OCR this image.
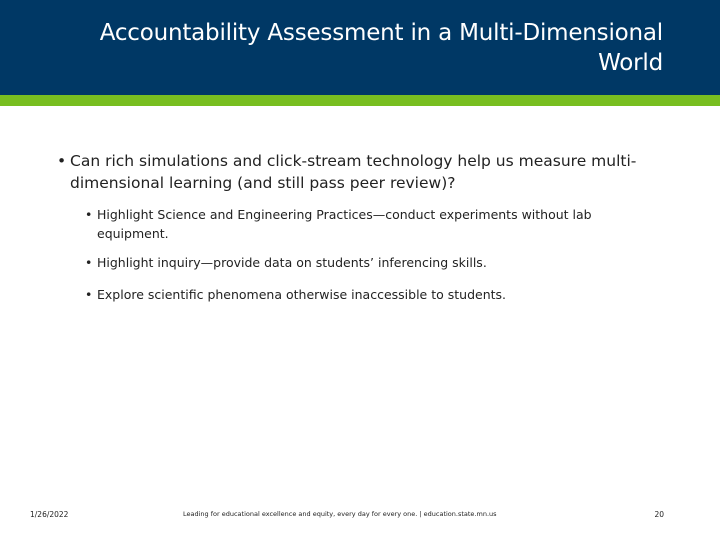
Accountability Assessment in a Multi-Dimensional World
• Can rich simulations and click-stream technology help us measure multi-dimensional learning (and still pass peer review)?
• Highlight Science and Engineering Practices—conduct experiments without lab equipment.
• Highlight inquiry—provide data on students’ inferencing skills.
• Explore scientific phenomena otherwise inaccessible to students.
1/26/2022	Leading for educational excellence and equity, every day for every one. | education.state.mn.us	20
